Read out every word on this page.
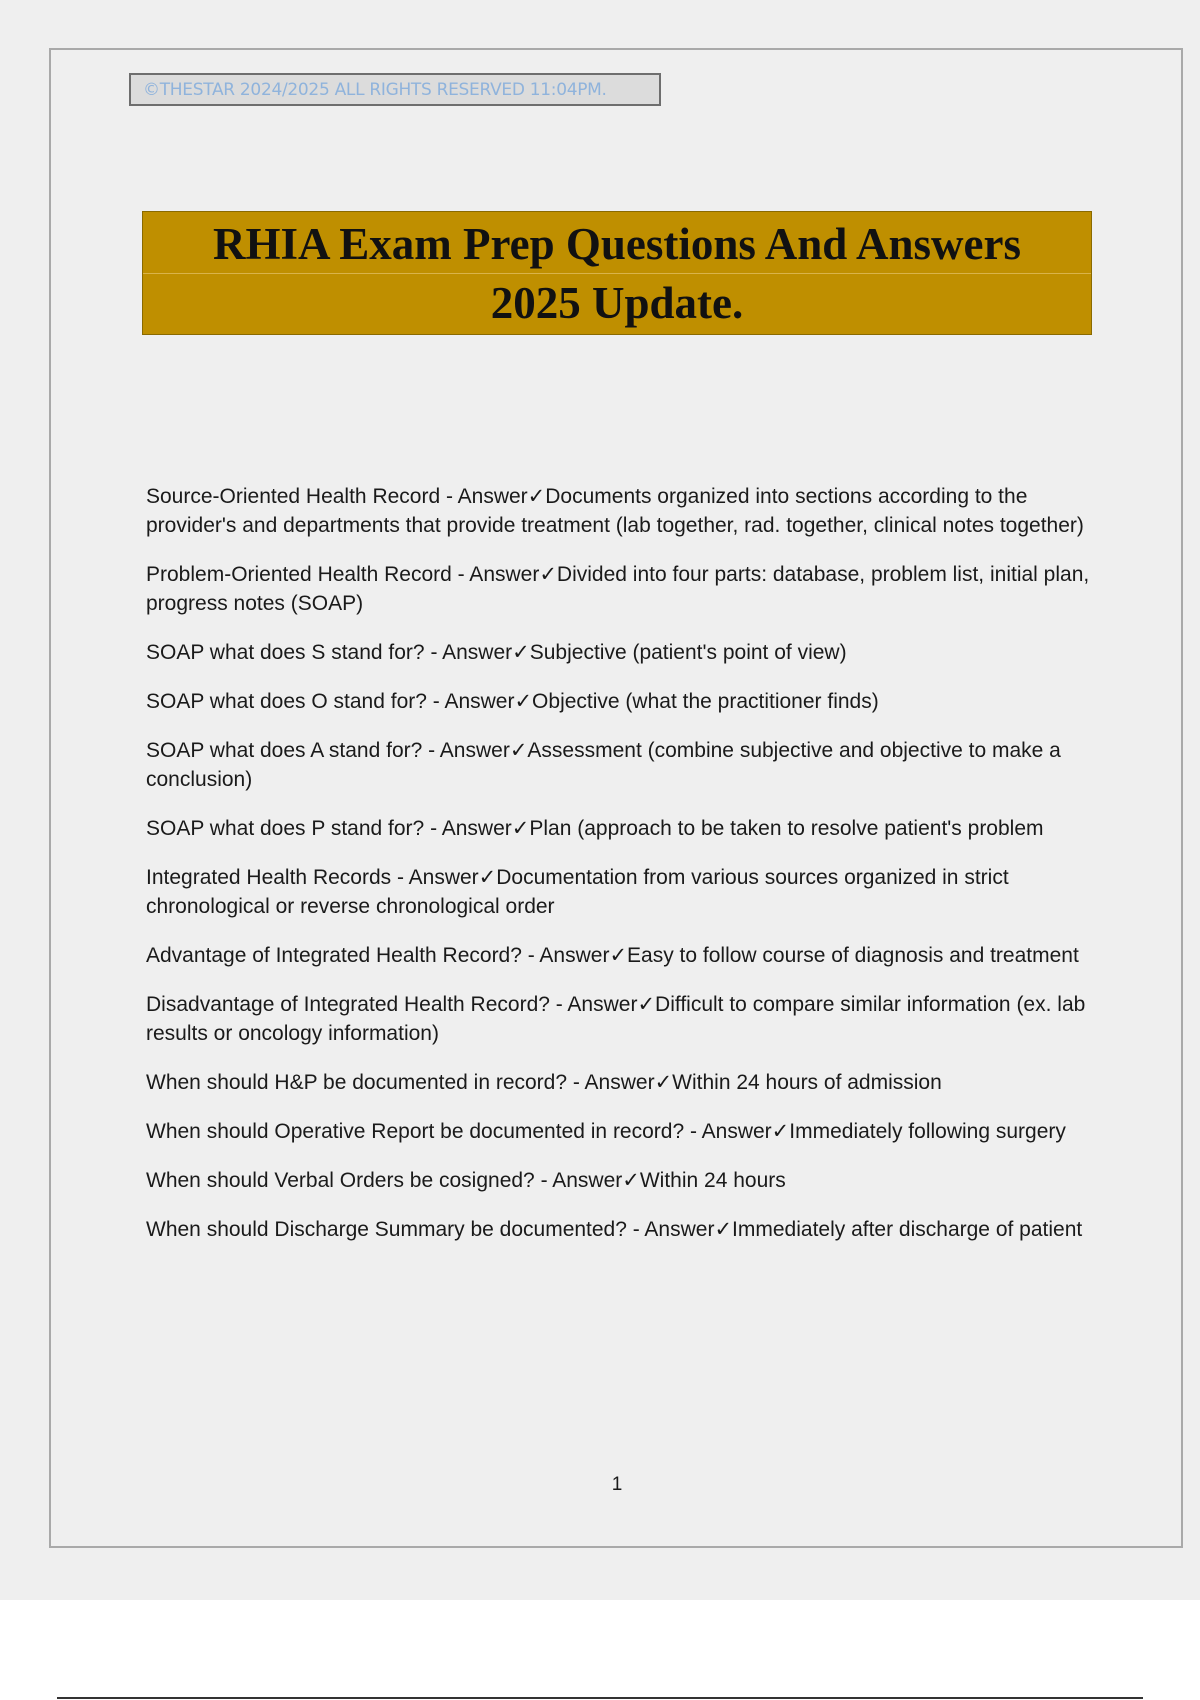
©THESTAR 2024/2025 ALL RIGHTS RESERVED 11:04PM.
RHIA Exam Prep Questions And Answers
2025 Update.

Source-Oriented Health Record - Answer✓Documents organized into sections according to the provider's and departments that provide treatment (lab together, rad. together, clinical notes together)

Problem-Oriented Health Record - Answer✓Divided into four parts: database, problem list, initial plan, progress notes (SOAP)

SOAP what does S stand for? - Answer✓Subjective (patient's point of view)

SOAP what does O stand for? - Answer✓Objective (what the practitioner finds)

SOAP what does A stand for? - Answer✓Assessment (combine subjective and objective to make a conclusion)

SOAP what does P stand for? - Answer✓Plan (approach to be taken to resolve patient's problem

Integrated Health Records - Answer✓Documentation from various sources organized in strict chronological or reverse chronological order

Advantage of Integrated Health Record? - Answer✓Easy to follow course of diagnosis and treatment

Disadvantage of Integrated Health Record? - Answer✓Difficult to compare similar information (ex. lab results or oncology information)

When should H&P be documented in record? - Answer✓Within 24 hours of admission

When should Operative Report be documented in record? - Answer✓Immediately following surgery

When should Verbal Orders be cosigned? - Answer✓Within 24 hours

When should Discharge Summary be documented? - Answer✓Immediately after discharge of patient

1
